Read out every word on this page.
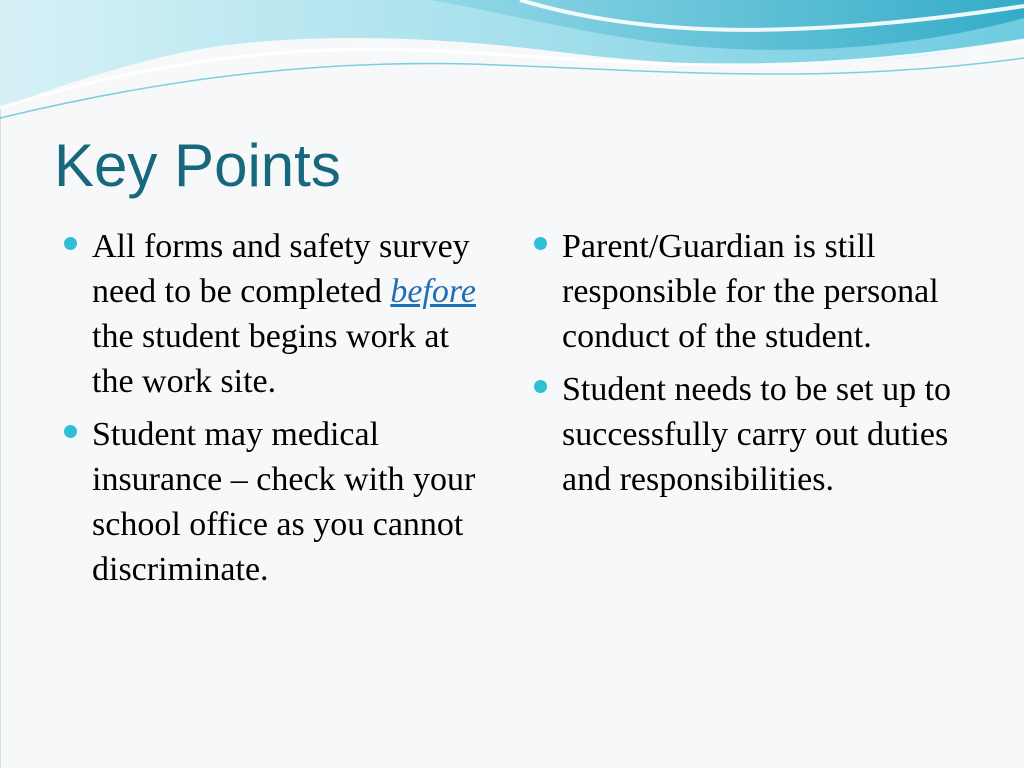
Key Points
All forms and safety survey need to be completed before the student begins work at the work site.
Student may medical insurance – check with your school office as you cannot discriminate.
Parent/Guardian is still responsible for the personal conduct of the student.
Student needs to be set up to successfully carry out duties and responsibilities.
